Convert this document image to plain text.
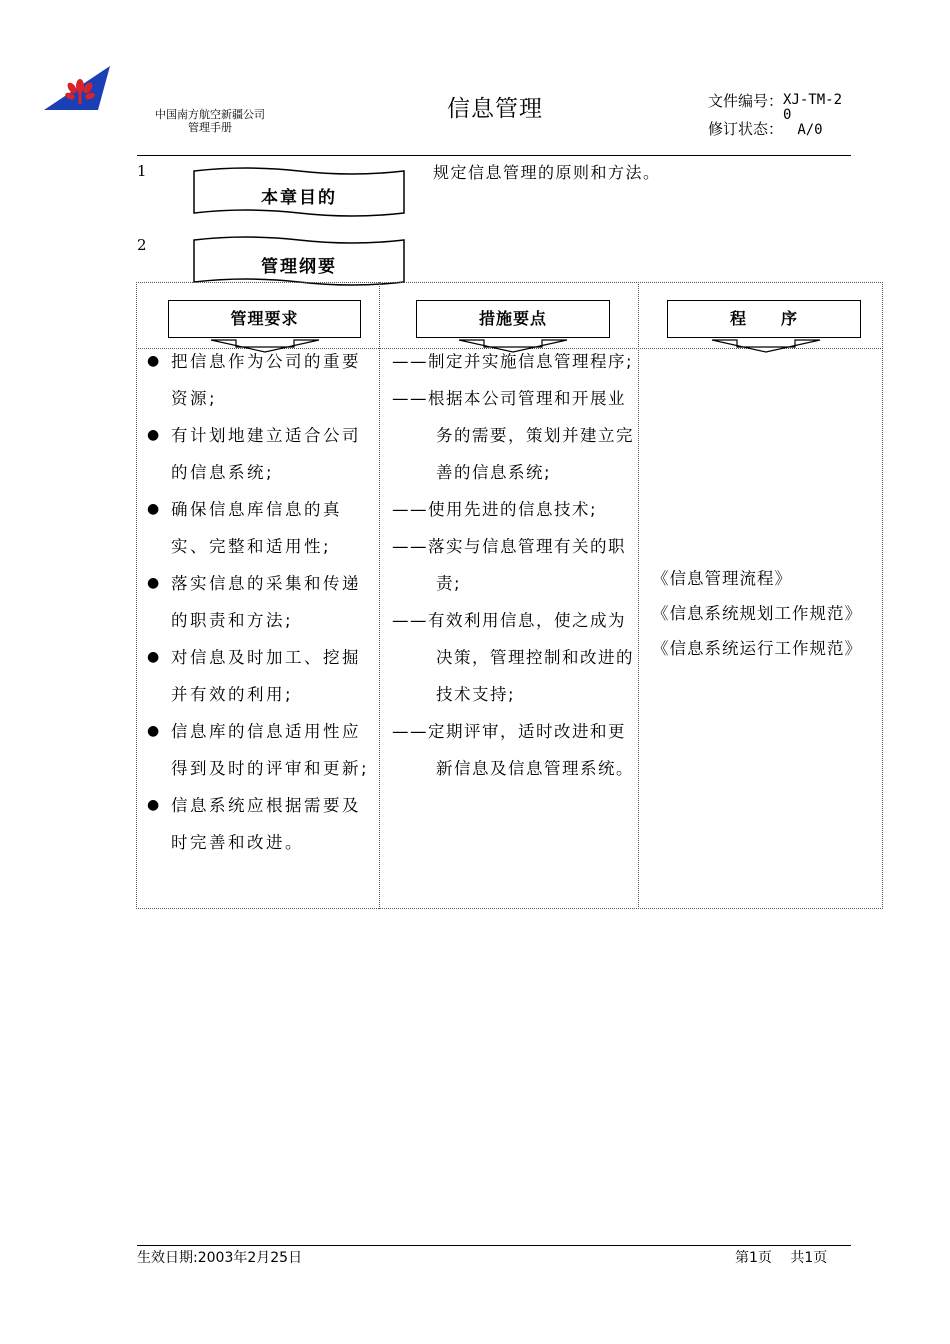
中国南方航空新疆公司
管理手册
信息管理	文件编号：XJ-TM-20
修订状态： A/0
1
本章目的
规定信息管理的原则和方法。
2
管理纲要
管理要求	措施要点	程　　序
● 把信息作为公司的重要资源;
● 有计划地建立适合公司的信息系统;
● 确保信息库信息的真实、完整和适用性;
● 落实信息的采集和传递的职责和方法;
● 对信息及时加工、挖掘并有效的利用;
● 信息库的信息适用性应得到及时的评审和更新;
● 信息系统应根据需要及时完善和改进。
——制定并实施信息管理程序;
——根据本公司管理和开展业务的需要，策划并建立完善的信息系统;
——使用先进的信息技术;
——落实与信息管理有关的职责;
——有效利用信息，使之成为决策，管理控制和改进的技术支持;
——定期评审，适时改进和更新信息及信息管理系统。
《信息管理流程》
《信息系统规划工作规范》
《信息系统运行工作规范》
生效日期:2003年2月25日	第1页　 共1页
